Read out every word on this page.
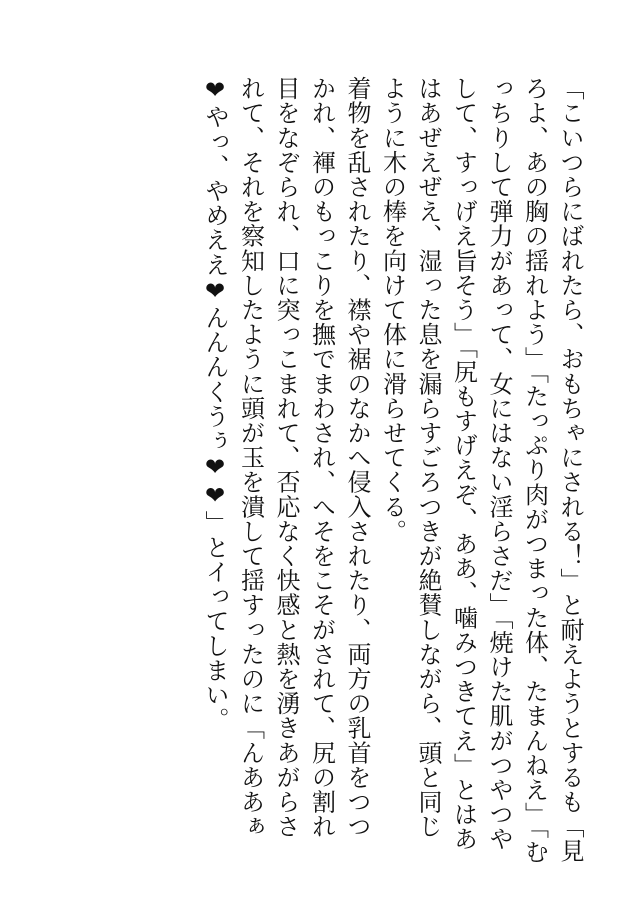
「こいつらにばれたら、おもちゃにされる！」と耐えようとするも「見
ろよ、あの胸の揺れよう」「たっぷり肉がつまった体、たまんねえ」「む
っちりして弾力があって、女にはない淫らさだ」「焼けた肌がつやつや
して、すっげえ旨そう」「尻もすげえぞ、ああ、噛みつきてえ」とはあ
はあぜえぜえ、湿った息を漏らすごろつきが絶賛しながら、頭と同じ
ように木の棒を向けて体に滑らせてくる。
着物を乱されたり、襟や裾のなかへ侵入されたり、両方の乳首をつつ
かれ、褌のもっこりを撫でまわされ、へそをこそがされて、尻の割れ
目をなぞられ、口に突っこまれて、否応なく快感と熱を湧きあがらさ
れて、それを察知したように頭が玉を潰して揺すったのに「んああぁ
❤やっ、やめええ❤んんんくうぅ❤❤」とイってしまい。
